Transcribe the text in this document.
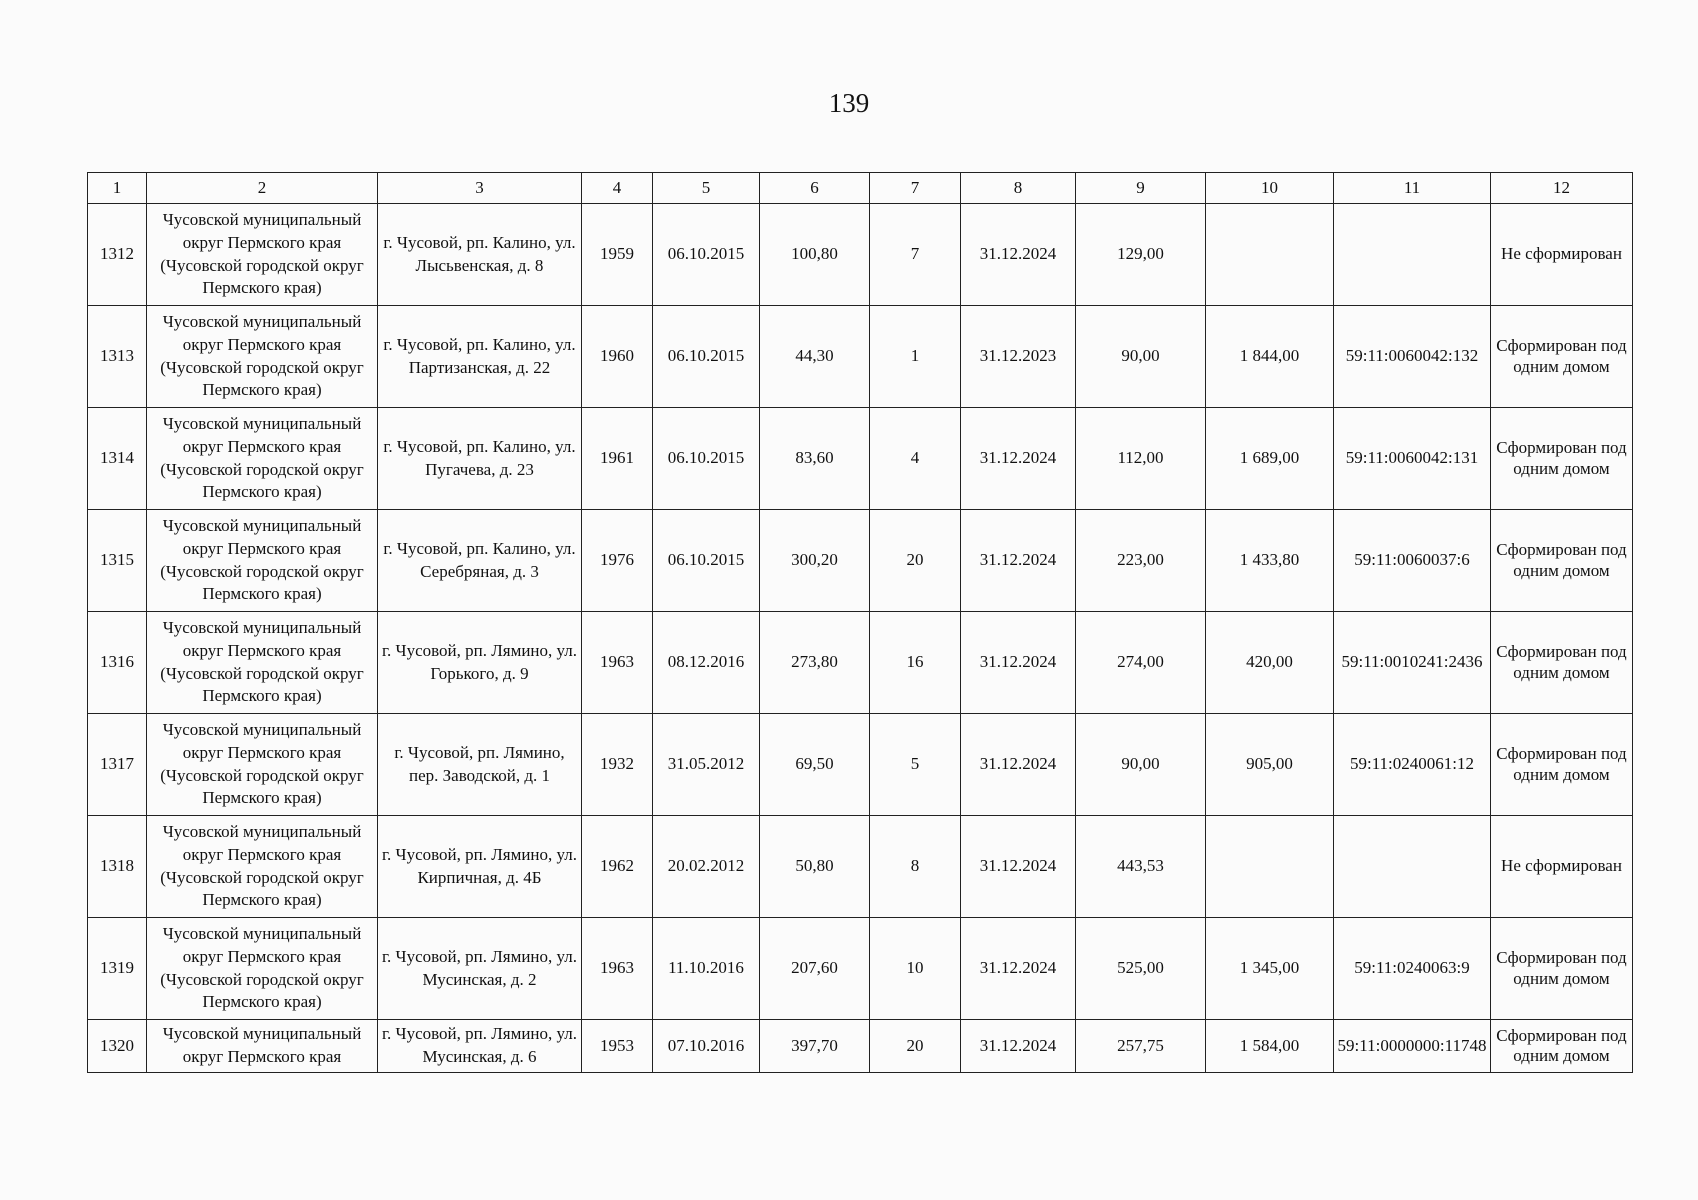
139
1	2	3	4	5	6	7	8	9	10	11	12
1312	Чусовской муниципальный округ Пермского края (Чусовской городской округ Пермского края)	г. Чусовой, рп. Калино, ул. Лысьвенская, д. 8	1959	06.10.2015	100,80	7	31.12.2024	129,00			Не сформирован
1313	Чусовской муниципальный округ Пермского края (Чусовской городской округ Пермского края)	г. Чусовой, рп. Калино, ул. Партизанская, д. 22	1960	06.10.2015	44,30	1	31.12.2023	90,00	1 844,00	59:11:0060042:132	Сформирован под одним домом
1314	Чусовской муниципальный округ Пермского края (Чусовской городской округ Пермского края)	г. Чусовой, рп. Калино, ул. Пугачева, д. 23	1961	06.10.2015	83,60	4	31.12.2024	112,00	1 689,00	59:11:0060042:131	Сформирован под одним домом
1315	Чусовской муниципальный округ Пермского края (Чусовской городской округ Пермского края)	г. Чусовой, рп. Калино, ул. Серебряная, д. 3	1976	06.10.2015	300,20	20	31.12.2024	223,00	1 433,80	59:11:0060037:6	Сформирован под одним домом
1316	Чусовской муниципальный округ Пермского края (Чусовской городской округ Пермского края)	г. Чусовой, рп. Лямино, ул. Горького, д. 9	1963	08.12.2016	273,80	16	31.12.2024	274,00	420,00	59:11:0010241:2436	Сформирован под одним домом
1317	Чусовской муниципальный округ Пермского края (Чусовской городской округ Пермского края)	г. Чусовой, рп. Лямино, пер. Заводской, д. 1	1932	31.05.2012	69,50	5	31.12.2024	90,00	905,00	59:11:0240061:12	Сформирован под одним домом
1318	Чусовской муниципальный округ Пермского края (Чусовской городской округ Пермского края)	г. Чусовой, рп. Лямино, ул. Кирпичная, д. 4Б	1962	20.02.2012	50,80	8	31.12.2024	443,53			Не сформирован
1319	Чусовской муниципальный округ Пермского края (Чусовской городской округ Пермского края)	г. Чусовой, рп. Лямино, ул. Мусинская, д. 2	1963	11.10.2016	207,60	10	31.12.2024	525,00	1 345,00	59:11:0240063:9	Сформирован под одним домом
1320	Чусовской муниципальный округ Пермского края	г. Чусовой, рп. Лямино, ул. Мусинская, д. 6	1953	07.10.2016	397,70	20	31.12.2024	257,75	1 584,00	59:11:0000000:11748	Сформирован под одним домом
